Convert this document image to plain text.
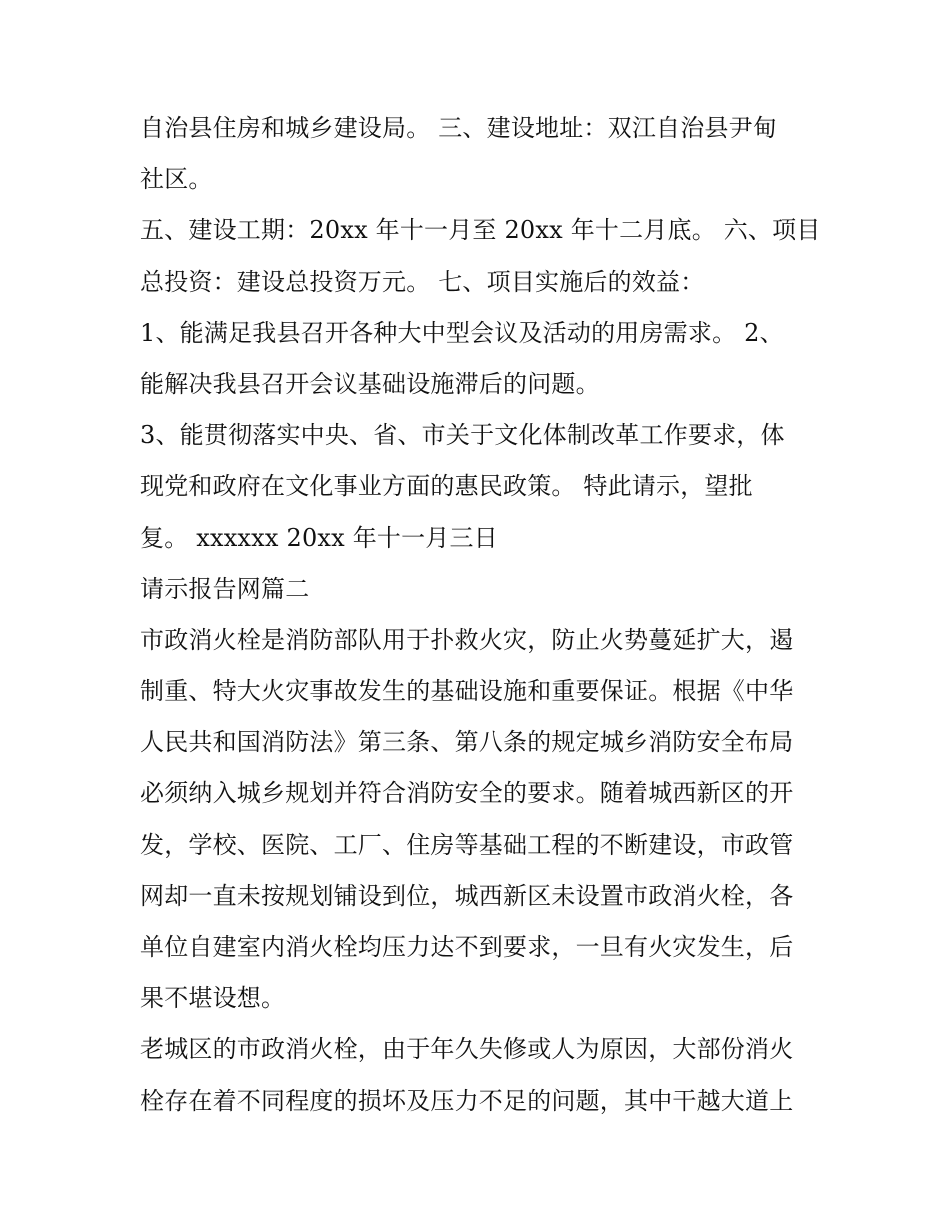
自治县住房和城乡建设局。 三、建设地址：双江自治县尹甸
社区。
五、建设工期：20xx 年十一月至 20xx 年十二月底。 六、项目
总投资：建设总投资万元。 七、项目实施后的效益：
1、能满足我县召开各种大中型会议及活动的用房需求。 2、
能解决我县召开会议基础设施滞后的问题。
3、能贯彻落实中央、省、市关于文化体制改革工作要求，体
现党和政府在文化事业方面的惠民政策。 特此请示，望批
复。 xxxxxx 20xx 年十一月三日
请示报告网篇二
市政消火栓是消防部队用于扑救火灾，防止火势蔓延扩大，遏
制重、特大火灾事故发生的基础设施和重要保证。根据《中华
人民共和国消防法》第三条、第八条的规定城乡消防安全布局
必须纳入城乡规划并符合消防安全的要求。随着城西新区的开
发，学校、医院、工厂、住房等基础工程的不断建设，市政管
网却一直未按规划铺设到位，城西新区未设置市政消火栓，各
单位自建室内消火栓均压力达不到要求，一旦有火灾发生，后
果不堪设想。
老城区的市政消火栓，由于年久失修或人为原因，大部份消火
栓存在着不同程度的损坏及压力不足的问题，其中干越大道上
